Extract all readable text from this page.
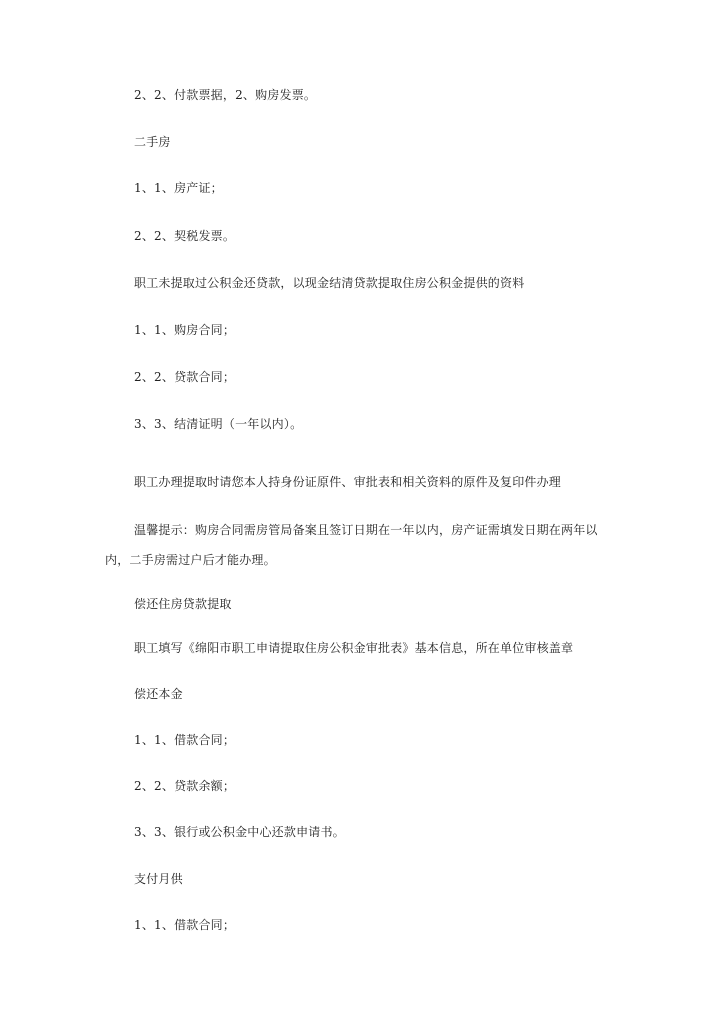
2、2、付款票据，2、购房发票。

二手房

1、1、房产证；

2、2、契税发票。

职工未提取过公积金还贷款，以现金结清贷款提取住房公积金提供的资料

1、1、购房合同；

2、2、贷款合同；

3、3、结清证明（一年以内）。

职工办理提取时请您本人持身份证原件、审批表和相关资料的原件及复印件办理

温馨提示：购房合同需房管局备案且签订日期在一年以内，房产证需填发日期在两年以内，二手房需过户后才能办理。

偿还住房贷款提取

职工填写《绵阳市职工申请提取住房公积金审批表》基本信息，所在单位审核盖章

偿还本金

1、1、借款合同；

2、2、贷款余额；

3、3、银行或公积金中心还款申请书。

支付月供

1、1、借款合同；
